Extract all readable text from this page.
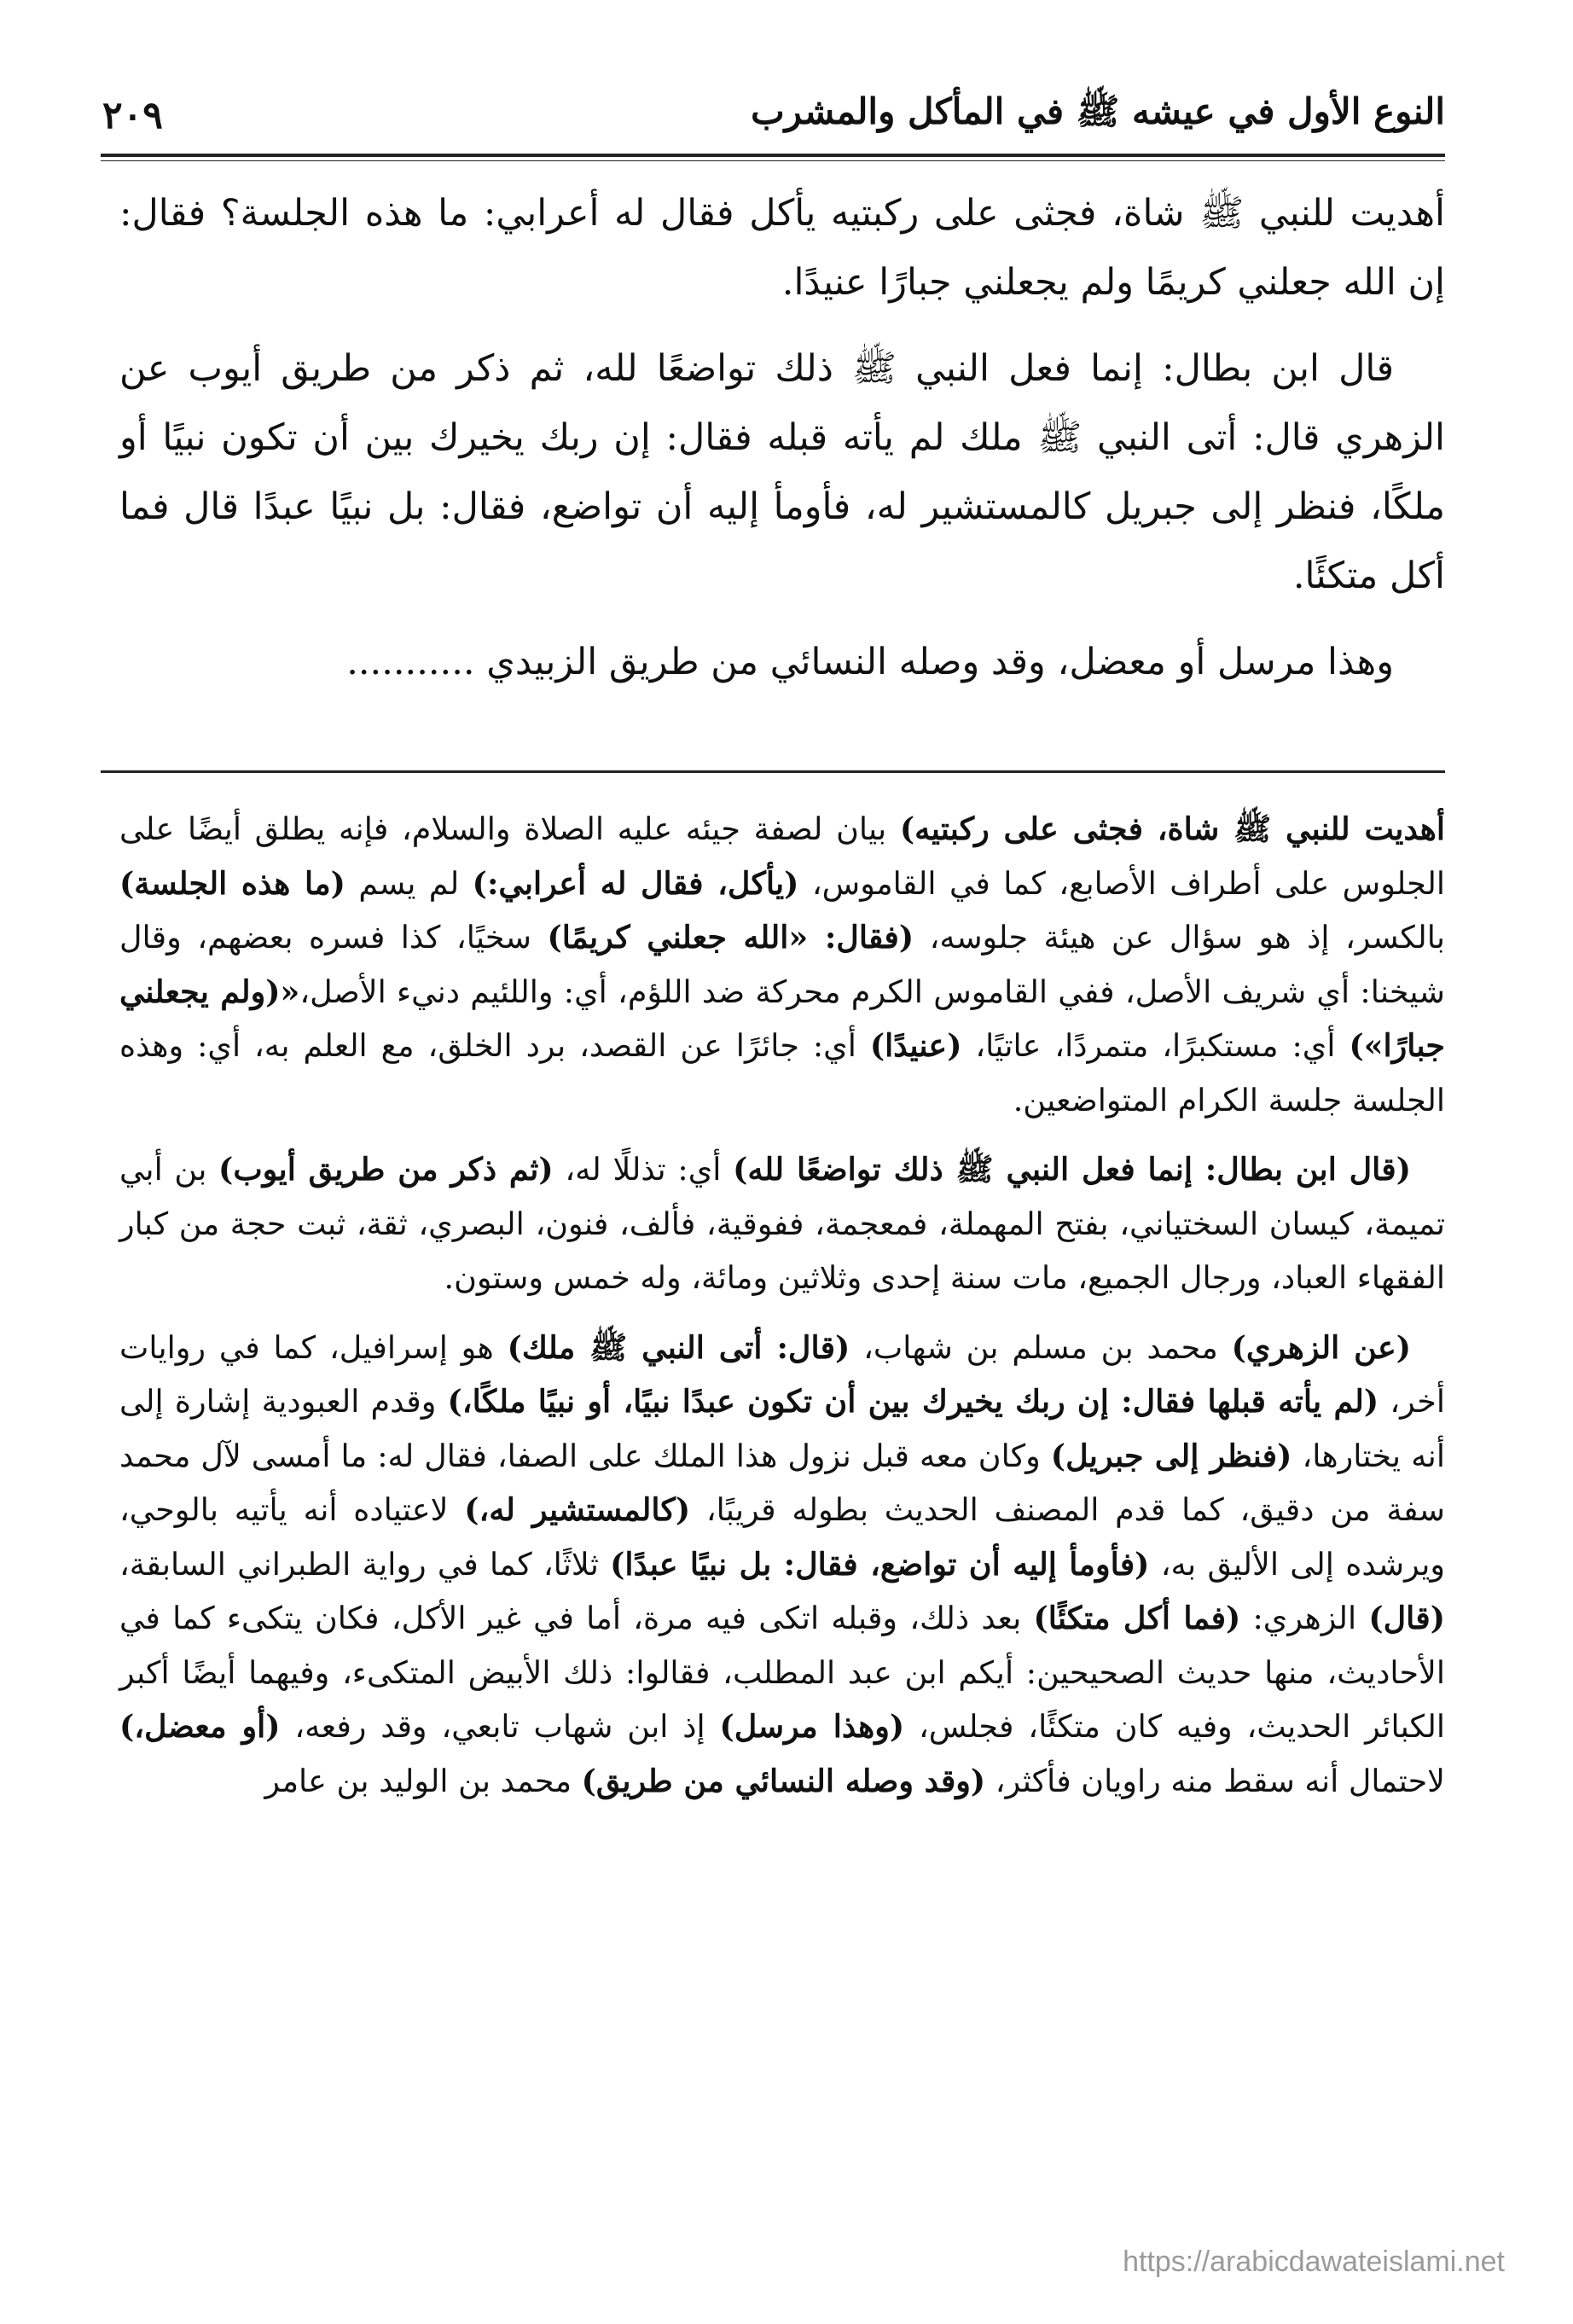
النوع الأول في عيشه ﷺ في المأكل والمشرب
٢٠٩

أهديت للنبي ﷺ شاة، فجثى على ركبتيه يأكل فقال له أعرابي: ما هذه الجلسة؟ فقال: إن الله جعلني كريمًا ولم يجعلني جبارًا عنيدًا.

قال ابن بطال: إنما فعل النبي ﷺ ذلك تواضعًا لله، ثم ذكر من طريق أيوب عن الزهري قال: أتى النبي ﷺ ملك لم يأته قبله فقال: إن ربك يخيرك بين أن تكون نبيًا أو ملكًا، فنظر إلى جبريل كالمستشير له، فأومأ إليه أن تواضع، فقال: بل نبيًا عبدًا قال فما أكل متكئًا.

وهذا مرسل أو معضل، وقد وصله النسائي من طريق الزبيدي ...........

أهديت للنبي ﷺ شاة، فجثى على ركبتيه) بيان لصفة جيئه عليه الصلاة والسلام، فإنه يطلق أيضًا على الجلوس على أطراف الأصابع، كما في القاموس، (يأكل، فقال له أعرابي:) لم يسم (ما هذه الجلسة) بالكسر، إذ هو سؤال عن هيئة جلوسه، (فقال: «الله جعلني كريمًا) سخيًا، كذا فسره بعضهم، وقال شيخنا: أي شريف الأصل، ففي القاموس الكرم محركة ضد اللؤم، أي: واللئيم دنيء الأصل،«(ولم يجعلني جبارًا») أي: مستكبرًا، متمردًا، عاتيًا، (عنيدًا) أي: جائرًا عن القصد، برد الخلق، مع العلم به، أي: وهذه الجلسة جلسة الكرام المتواضعين.

(قال ابن بطال: إنما فعل النبي ﷺ ذلك تواضعًا لله) أي: تذللًا له، (ثم ذكر من طريق أيوب) بن أبي تميمة، كيسان السختياني، بفتح المهملة، فمعجمة، ففوقية، فألف، فنون، البصري، ثقة، ثبت حجة من كبار الفقهاء العباد، ورجال الجميع، مات سنة إحدى وثلاثين ومائة، وله خمس وستون.

(عن الزهري) محمد بن مسلم بن شهاب، (قال: أتى النبي ﷺ ملك) هو إسرافيل، كما في روايات أخر، (لم يأته قبلها فقال: إن ربك يخيرك بين أن تكون عبدًا نبيًا، أو نبيًا ملكًا،) وقدم العبودية إشارة إلى أنه يختارها، (فنظر إلى جبريل) وكان معه قبل نزول هذا الملك على الصفا، فقال له: ما أمسى لآل محمد سفة من دقيق، كما قدم المصنف الحديث بطوله قريبًا، (كالمستشير له،) لاعتياده أنه يأتيه بالوحي، ويرشده إلى الأليق به، (فأومأ إليه أن تواضع، فقال: بل نبيًا عبدًا) ثلاثًا، كما في رواية الطبراني السابقة، (قال) الزهري: (فما أكل متكئًا) بعد ذلك، وقبله اتكى فيه مرة، أما في غير الأكل، فكان يتكىء كما في الأحاديث، منها حديث الصحيحين: أيكم ابن عبد المطلب، فقالوا: ذلك الأبيض المتكىء، وفيهما أيضًا أكبر الكبائر الحديث، وفيه كان متكئًا، فجلس، (وهذا مرسل) إذ ابن شهاب تابعي، وقد رفعه، (أو معضل،) لاحتمال أنه سقط منه راويان فأكثر، (وقد وصله النسائي من طريق) محمد بن الوليد بن عامر

https://arabicdawateislami.net
